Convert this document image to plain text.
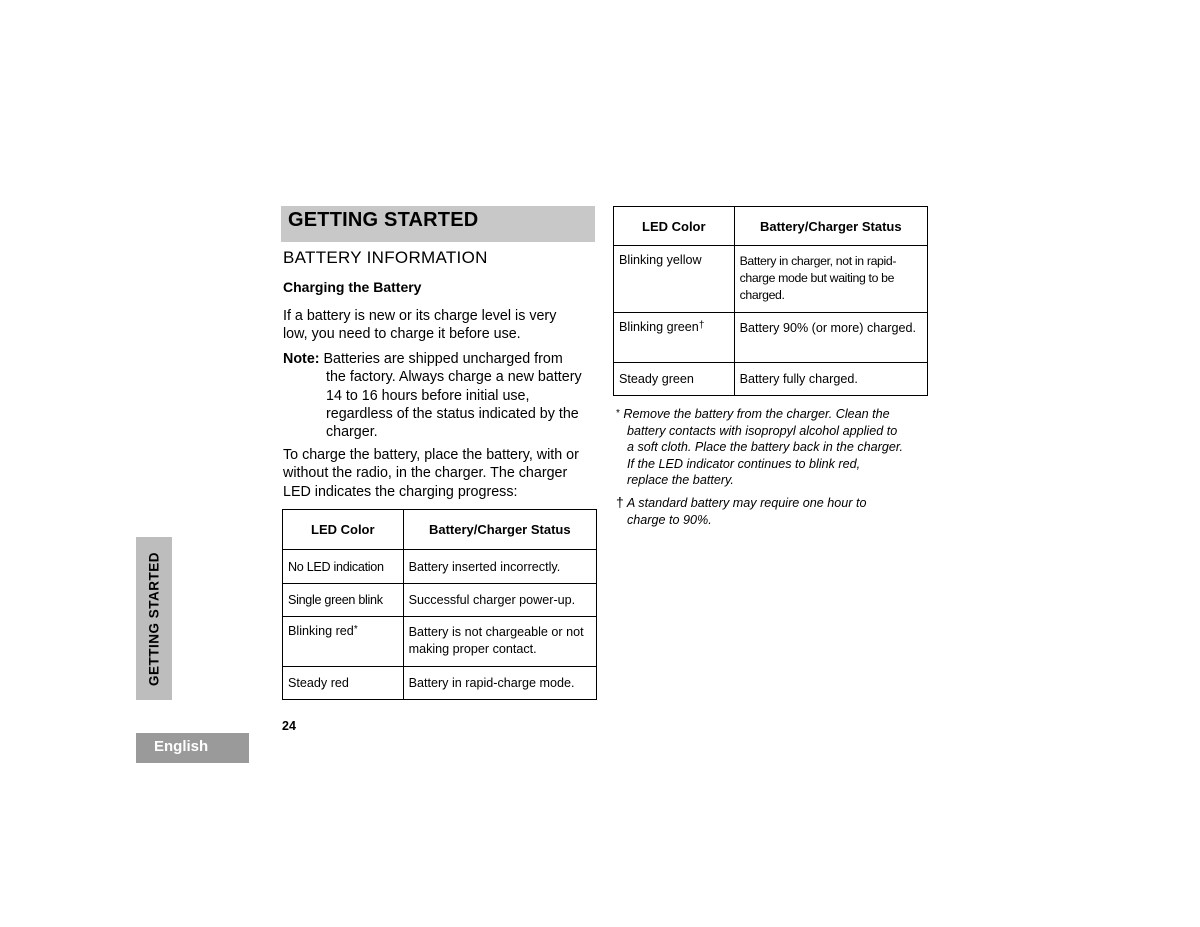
GETTING STARTED
BATTERY INFORMATION
Charging the Battery
If a battery is new or its charge level is very
low, you need to charge it before use.
Note: Batteries are shipped uncharged from
the factory. Always charge a new battery
14 to 16 hours before initial use,
regardless of the status indicated by the
charger.
To charge the battery, place the battery, with or
without the radio, in the charger. The charger
LED indicates the charging progress:
LED Color	Battery/Charger Status
No LED indication	Battery inserted incorrectly.
Single green blink	Successful charger power-up.
Blinking red*	Battery is not chargeable or not making proper contact.
Steady red	Battery in rapid-charge mode.
LED Color	Battery/Charger Status
Blinking yellow	Battery in charger, not in rapid-charge mode but waiting to be charged.
Blinking green†	Battery 90% (or more) charged.
Steady green	Battery fully charged.
* Remove the battery from the charger. Clean the
battery contacts with isopropyl alcohol applied to
a soft cloth. Place the battery back in the charger.
If the LED indicator continues to blink red,
replace the battery.
† A standard battery may require one hour to
charge to 90%.
GETTING STARTED
24
English
